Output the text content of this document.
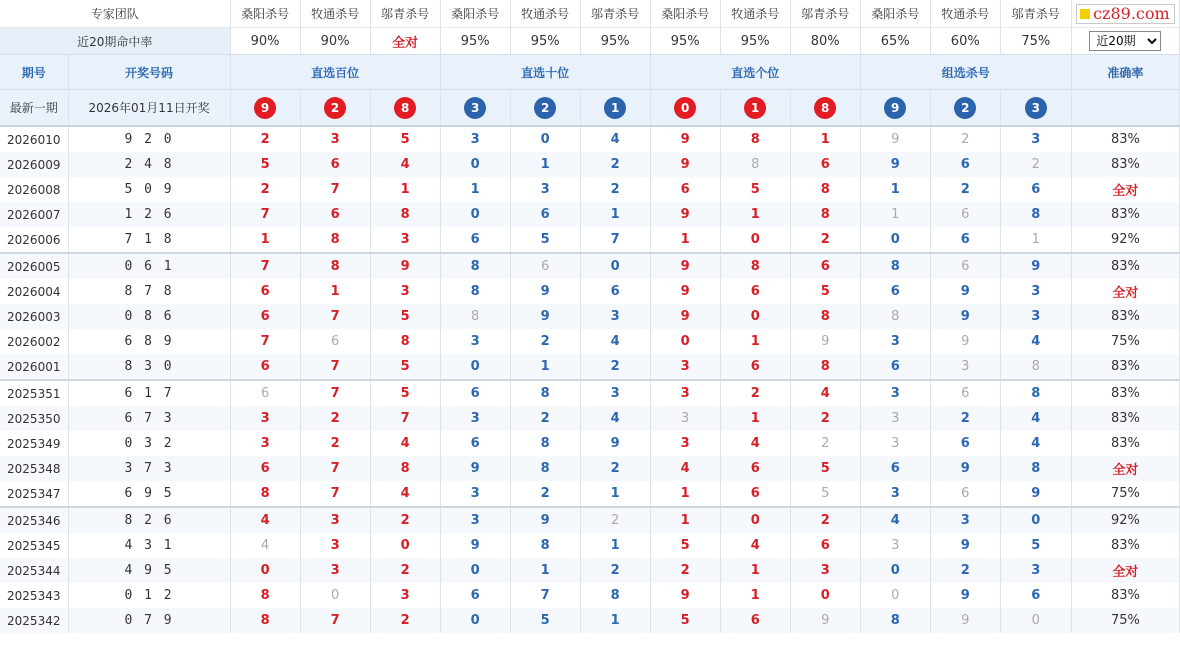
专家团队		桑阳杀号	牧通杀号	邬青杀号	桑阳杀号	牧通杀号	邬青杀号	桑阳杀号	牧通杀号	邬青杀号	桑阳杀号	牧通杀号	邬青杀号	cz89.com

近20期命中率		90%	90%	全对	95%	95%	95%	95%	95%	80%	65%	60%	75%	
近20期
期号	开奖号码	直选百位			直选十位			直选个位			组选杀号			准确率
最新一期	2026年01月11日开奖	9	2	8	3	2	1	0	1	8	9	2	3	
2026010	9 2 0	2	3	5	3	0	4	9	8	1	9	2	3	83%
2026009	2 4 8	5	6	4	0	1	2	9	8	6	9	6	2	83%
2026008	5 0 9	2	7	1	1	3	2	6	5	8	1	2	6	全对
2026007	1 2 6	7	6	8	0	6	1	9	1	8	1	6	8	83%
2026006	7 1 8	1	8	3	6	5	7	1	0	2	0	6	1	92%
2026005	0 6 1	7	8	9	8	6	0	9	8	6	8	6	9	83%
2026004	8 7 8	6	1	3	8	9	6	9	6	5	6	9	3	全对
2026003	0 8 6	6	7	5	8	9	3	9	0	8	8	9	3	83%
2026002	6 8 9	7	6	8	3	2	4	0	1	9	3	9	4	75%
2026001	8 3 0	6	7	5	0	1	2	3	6	8	6	3	8	83%
2025351	6 1 7	6	7	5	6	8	3	3	2	4	3	6	8	83%
2025350	6 7 3	3	2	7	3	2	4	3	1	2	3	2	4	83%
2025349	0 3 2	3	2	4	6	8	9	3	4	2	3	6	4	83%
2025348	3 7 3	6	7	8	9	8	2	4	6	5	6	9	8	全对
2025347	6 9 5	8	7	4	3	2	1	1	6	5	3	6	9	75%
2025346	8 2 6	4	3	2	3	9	2	1	0	2	4	3	0	92%
2025345	4 3 1	4	3	0	9	8	1	5	4	6	3	9	5	83%
2025344	4 9 5	0	3	2	0	1	2	2	1	3	0	2	3	全对
2025343	0 1 2	8	0	3	6	7	8	9	1	0	0	9	6	83%
2025342	0 7 9	8	7	2	0	5	1	5	6	9	8	9	0	75%
